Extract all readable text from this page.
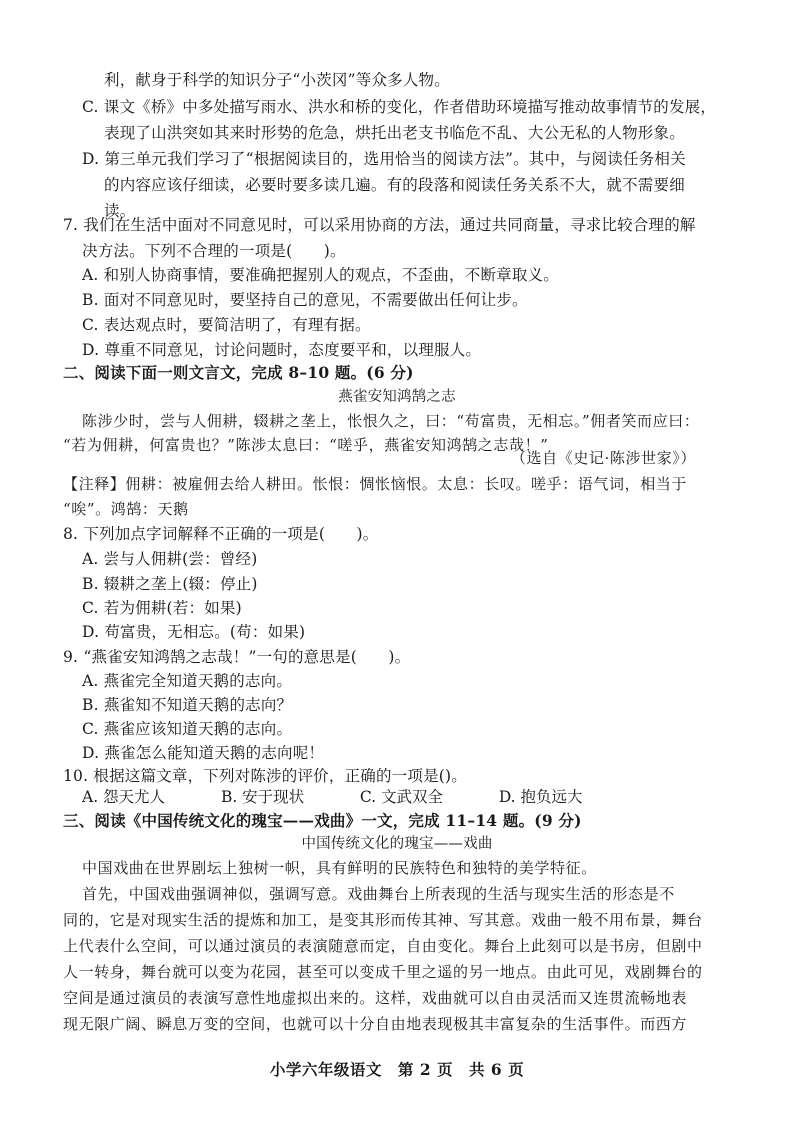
利，献身于科学的知识分子“小茨冈”等众多人物。
C. 课文《桥》中多处描写雨水、洪水和桥的变化，作者借助环境描写推动故事情节的发展，
表现了山洪突如其来时形势的危急，烘托出老支书临危不乱、大公无私的人物形象。
D. 第三单元我们学习了“根据阅读目的，选用恰当的阅读方法”。其中，与阅读任务相关
的内容应该仔细读，必要时要多读几遍。有的段落和阅读任务关系不大，就不需要细
读。
7. 我们在生活中面对不同意见时，可以采用协商的方法，通过共同商量，寻求比较合理的解
决方法。下列不合理的一项是(　　)。
A. 和别人协商事情，要准确把握别人的观点，不歪曲，不断章取义。
B. 面对不同意见时，要坚持自己的意见，不需要做出任何让步。
C. 表达观点时，要简洁明了，有理有据。
D. 尊重不同意见，讨论问题时，态度要平和，以理服人。
二、阅读下面一则文言文，完成 8–10 题。(6 分)
燕雀安知鸿鹄之志
陈涉少时，尝与人佣耕，辍耕之垄上，怅恨久之，曰：“苟富贵，无相忘。”佣者笑而应曰：
“若为佣耕，何富贵也？”陈涉太息曰：“嗟乎，燕雀安知鸿鹄之志哉！”
（选自《史记·陈涉世家》）
【注释】佣耕：被雇佣去给人耕田。怅恨：惆怅恼恨。太息：长叹。嗟乎：语气词，相当于
“唉”。鸿鹄：天鹅
8. 下列加点字词解释不正确的一项是(　　)。
A. 尝与人佣耕(尝：曾经)
B. 辍耕之垄上(辍：停止)
C. 若为佣耕(若：如果)
D. 苟富贵，无相忘。(苟：如果)
9. “燕雀安知鸿鹄之志哉！”一句的意思是(　　)。
A. 燕雀完全知道天鹅的志向。
B. 燕雀知不知道天鹅的志向？
C. 燕雀应该知道天鹅的志向。
D. 燕雀怎么能知道天鹅的志向呢！
10. 根据这篇文章，下列对陈涉的评价，正确的一项是()。
A. 怨天尤人	B. 安于现状	C. 文武双全	D. 抱负远大
三、阅读《中国传统文化的瑰宝——戏曲》一文，完成 11–14 题。(9 分)
中国传统文化的瑰宝——戏曲
中国戏曲在世界剧坛上独树一帜，具有鲜明的民族特色和独特的美学特征。
首先，中国戏曲强调神似，强调写意。戏曲舞台上所表现的生活与现实生活的形态是不
同的，它是对现实生活的提炼和加工，是变其形而传其神、写其意。戏曲一般不用布景，舞台
上代表什么空间，可以通过演员的表演随意而定，自由变化。舞台上此刻可以是书房，但剧中
人一转身，舞台就可以变为花园，甚至可以变成千里之遥的另一地点。由此可见，戏剧舞台的
空间是通过演员的表演写意性地虚拟出来的。这样，戏曲就可以自由灵活而又连贯流畅地表
现无限广阔、瞬息万变的空间，也就可以十分自由地表现极其丰富复杂的生活事件。而西方
小学六年级语文　第 2 页　共 6 页
